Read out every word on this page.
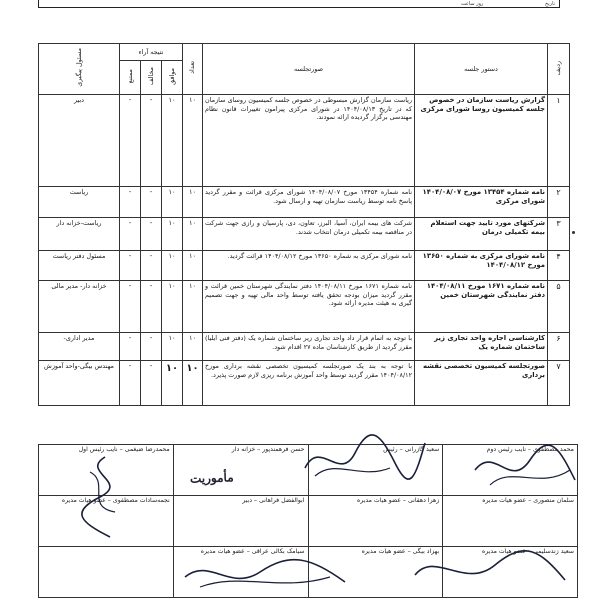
تاریخ روز ساعت
ردیف	دستور جلسه	صورتجلسه	تعداد	نتیجه آراء			مسئول پیگیری
				موافق	مخالف	ممتنع	
۱	گزارش ریاست سازمان در خصوص جلسه کمیسیون روسا شورای مرکزی	ریاست سازمان گزارش مبسوطی در خصوص جلسه کمیسیون روسای سازمان که در تاریخ ۱۴۰۴/۰۸/۱۳ در شورای مرکزی پیرامون تغییرات قانون نظام مهندسی برگزار گردیده ارائه نمودند.	۱۰	۱۰	-	-	دبیر
۲	نامه شماره ۱۳۴۵۴ مورخ ۱۴۰۴/۰۸/۰۷ شورای مرکزی	نامه شماره ۱۳۴۵۴ مورخ ۱۴۰۴/۰۸/۰۷ شورای مرکزی قرائت و مقرر گردید پاسخ نامه توسط ریاست سازمان تهیه و ارسال شود.	۱۰	۱۰	-	-	ریاست
۳	شرکتهای مورد تایید جهت استعلام بیمه تکمیلی درمان	شرکت های بیمه ایران، آسیا، البرز، تعاون، دی، پارسیان و رازی جهت شرکت در مناقصه بیمه تکمیلی درمان انتخاب شدند.	۱۰	۱۰	-	-	ریاست-خزانه دار
۴	نامه شورای مرکزی به شماره ۱۳۶۵۰ مورخ ۱۴۰۴/۰۸/۱۲	نامه شورای مرکزی به شماره ۱۳۶۵۰ مورخ ۱۴۰۴/۰۸/۱۲ قرائت گردید.	۱۰	۱۰	-	-	مسئول دفتر ریاست
۵	نامه شماره ۱۶۷۱ مورخ ۱۴۰۴/۰۸/۱۱ دفتر نمایندگی شهرستان خمین	نامه شماره ۱۶۷۱ مورخ ۱۴۰۴/۰۸/۱۱ دفتر نمایندگی شهرستان خمین قرائت و مقرر گردید میزان بودجه تحقق یافته توسط واحد مالی تهیه و جهت تصمیم گیری به هیئت مدیره ارائه شود.	۱۰	۱۰	-	-	خزانه دار- مدیر مالی
۶	کارشناسی اجاره واحد تجاری زیر ساختمان شماره یک	با توجه به اتمام قرار داد واحد تجاری زیر ساختمان شماره یک (دفتر فنی ایلیا) مقرر گردید از طریق کارشناسان ماده ۲۷ اقدام شود.	۱۰	۱۰	-	-	مدیر اداری-
۷	صورتجلسه کمیسیون تخصصی نقشه برداری	با توجه به بند یک صورتجلسه کمیسیون تخصصی نقشه برداری مورخ ۱۴۰۴/۰۸/۱۲ مقرر گردید توسط واحد آموزش برنامه ریزی لازم صورت پذیرد.	۱۰	۱۰	-	-	مهندس بیگی-واحد آموزش
محمد مصطفوی – نایب رئیس دوم	سعید گازرانی – رئیس	حسن فرهمندپور – خزانه دار	محمدرضا ضیغمی – نایب رئیس اول

سلمان منصوری – عضو هیات مدیره	زهرا دهقانی – عضو هیات مدیره	ابوالفضل فراهانی – دبیر	نجمه‌سادات مصطفوی – عضو هیات مدیره

سعید زندسلیمی – عضو هیات مدیره	بهزاد بیگی – عضو هیات مدیره	سیامک بکالی عراقی – عضو هیات مدیره	

مأموریت
